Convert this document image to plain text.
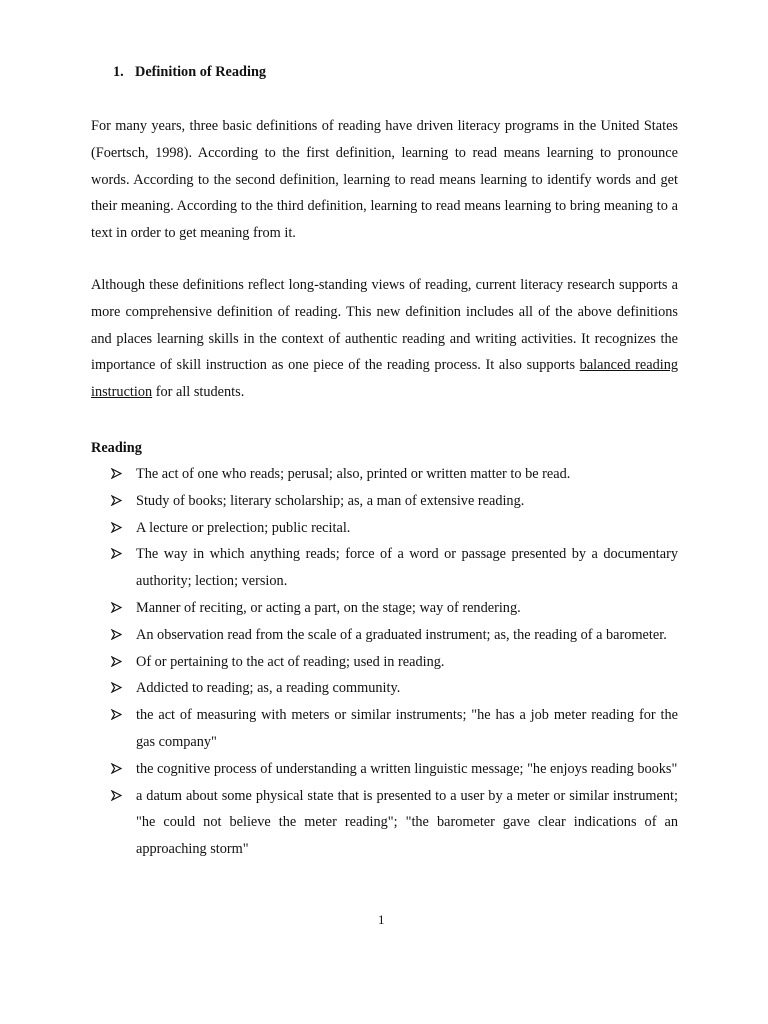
1. Definition of Reading

For many years, three basic definitions of reading have driven literacy programs in the United States (Foertsch, 1998). According to the first definition, learning to read means learning to pronounce words. According to the second definition, learning to read means learning to identify words and get their meaning. According to the third definition, learning to read means learning to bring meaning to a text in order to get meaning from it.

Although these definitions reflect long-standing views of reading, current literacy research supports a more comprehensive definition of reading. This new definition includes all of the above definitions and places learning skills in the context of authentic reading and writing activities. It recognizes the importance of skill instruction as one piece of the reading process. It also supports balanced reading instruction for all students.

Reading
The act of one who reads; perusal; also, printed or written matter to be read.
Study of books; literary scholarship; as, a man of extensive reading.
A lecture or prelection; public recital.
The way in which anything reads; force of a word or passage presented by a documentary authority; lection; version.
Manner of reciting, or acting a part, on the stage; way of rendering.
An observation read from the scale of a graduated instrument; as, the reading of a barometer.
Of or pertaining to the act of reading; used in reading.
Addicted to reading; as, a reading community.
the act of measuring with meters or similar instruments; "he has a job meter reading for the gas company"
the cognitive process of understanding a written linguistic message; "he enjoys reading books"
a datum about some physical state that is presented to a user by a meter or similar instrument; "he could not believe the meter reading"; "the barometer gave clear indications of an approaching storm"
1
